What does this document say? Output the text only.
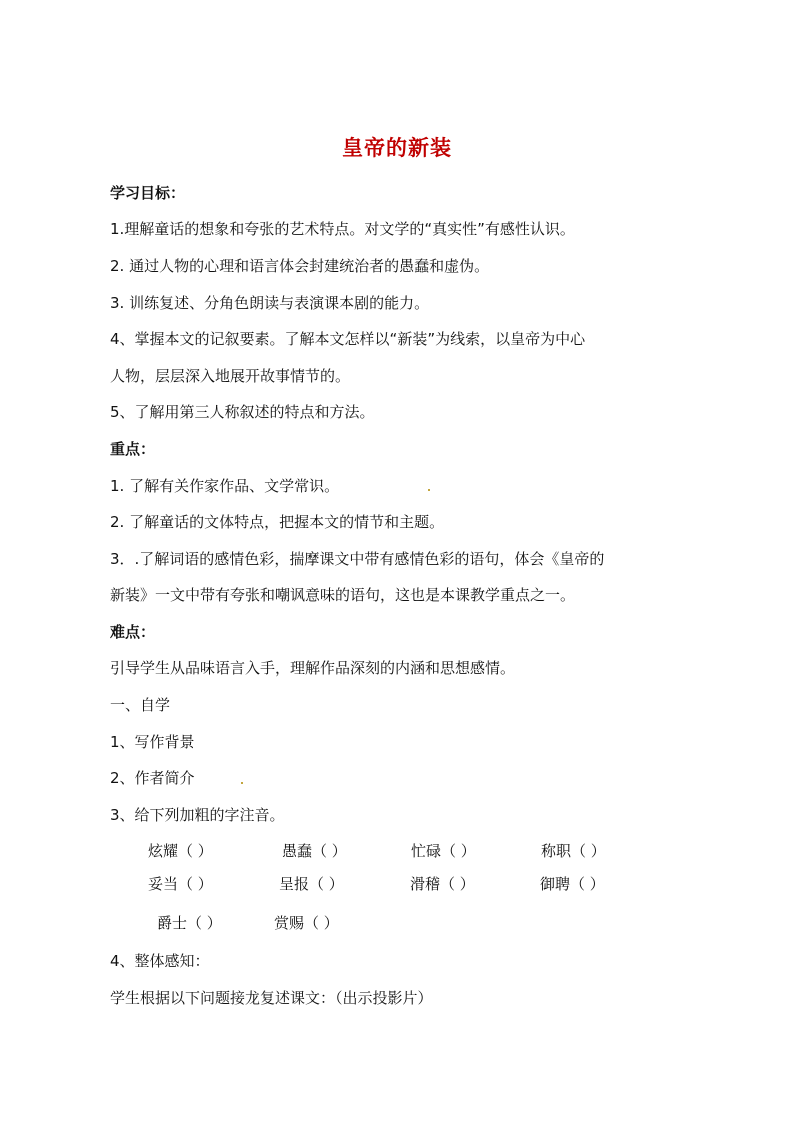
皇帝的新装
学习目标：
1.理解童话的想象和夸张的艺术特点。对文学的“真实性”有感性认识。
2. 通过人物的心理和语言体会封建统治者的愚蠢和虚伪。
3. 训练复述、分角色朗读与表演课本剧的能力。
4、掌握本文的记叙要素。了解本文怎样以“新装”为线索，以皇帝为中心
人物，层层深入地展开故事情节的。
5、了解用第三人称叙述的特点和方法。
重点：
1. 了解有关作家作品、文学常识。
2. 了解童话的文体特点，把握本文的情节和主题。
3．.了解词语的感情色彩，揣摩课文中带有感情色彩的语句，体会《皇帝的
新装》一文中带有夸张和嘲讽意味的语句，这也是本课教学重点之一。
难点：
引导学生从品味语言入手，理解作品深刻的内涵和思想感情。
一、自学
1、写作背景
2、作者简介
3、给下列加粗的字注音。
炫耀（ ）	愚蠢（ ）	忙碌（ ）	称职（ ）
妥当（ ）	呈报（ ）	滑稽（ ）	御聘（ ）
爵士（ ）	赏赐（ ）
4、整体感知：
学生根据以下问题接龙复述课文：（出示投影片）
